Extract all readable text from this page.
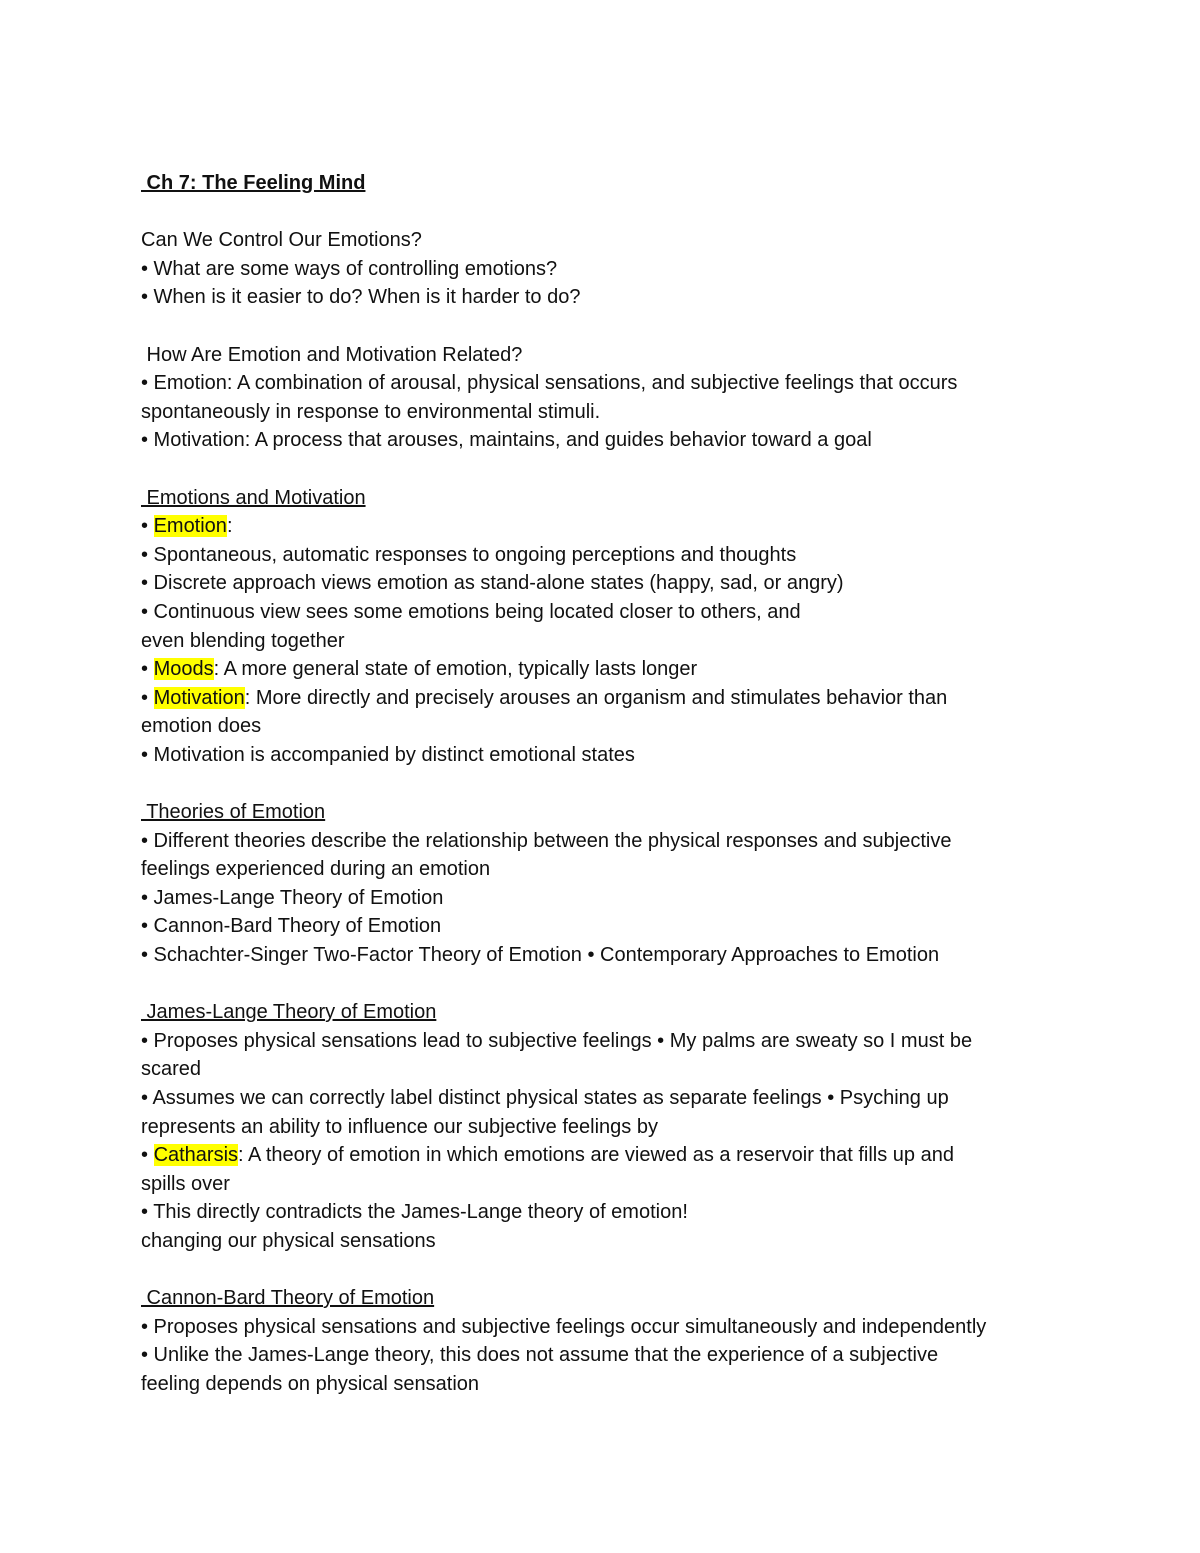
Ch 7: The Feeling Mind
Can We Control Our Emotions?
• What are some ways of controlling emotions?
• When is it easier to do? When is it harder to do?
How Are Emotion and Motivation Related?
• Emotion: A combination of arousal, physical sensations, and subjective feelings that occurs
spontaneously in response to environmental stimuli.
• Motivation: A process that arouses, maintains, and guides behavior toward a goal
Emotions and Motivation
• Emotion:
• Spontaneous, automatic responses to ongoing perceptions and thoughts
• Discrete approach views emotion as stand-alone states (happy, sad, or angry)
• Continuous view sees some emotions being located closer to others, and
even blending together
• Moods: A more general state of emotion, typically lasts longer
• Motivation: More directly and precisely arouses an organism and stimulates behavior than
emotion does
• Motivation is accompanied by distinct emotional states
Theories of Emotion
• Different theories describe the relationship between the physical responses and subjective
feelings experienced during an emotion
• James-Lange Theory of Emotion
• Cannon-Bard Theory of Emotion
• Schachter-Singer Two-Factor Theory of Emotion • Contemporary Approaches to Emotion
James-Lange Theory of Emotion
• Proposes physical sensations lead to subjective feelings • My palms are sweaty so I must be
scared
• Assumes we can correctly label distinct physical states as separate feelings • Psyching up
represents an ability to influence our subjective feelings by
• Catharsis: A theory of emotion in which emotions are viewed as a reservoir that fills up and
spills over
• This directly contradicts the James-Lange theory of emotion!
changing our physical sensations
Cannon-Bard Theory of Emotion
• Proposes physical sensations and subjective feelings occur simultaneously and independently
• Unlike the James-Lange theory, this does not assume that the experience of a subjective
feeling depends on physical sensation
